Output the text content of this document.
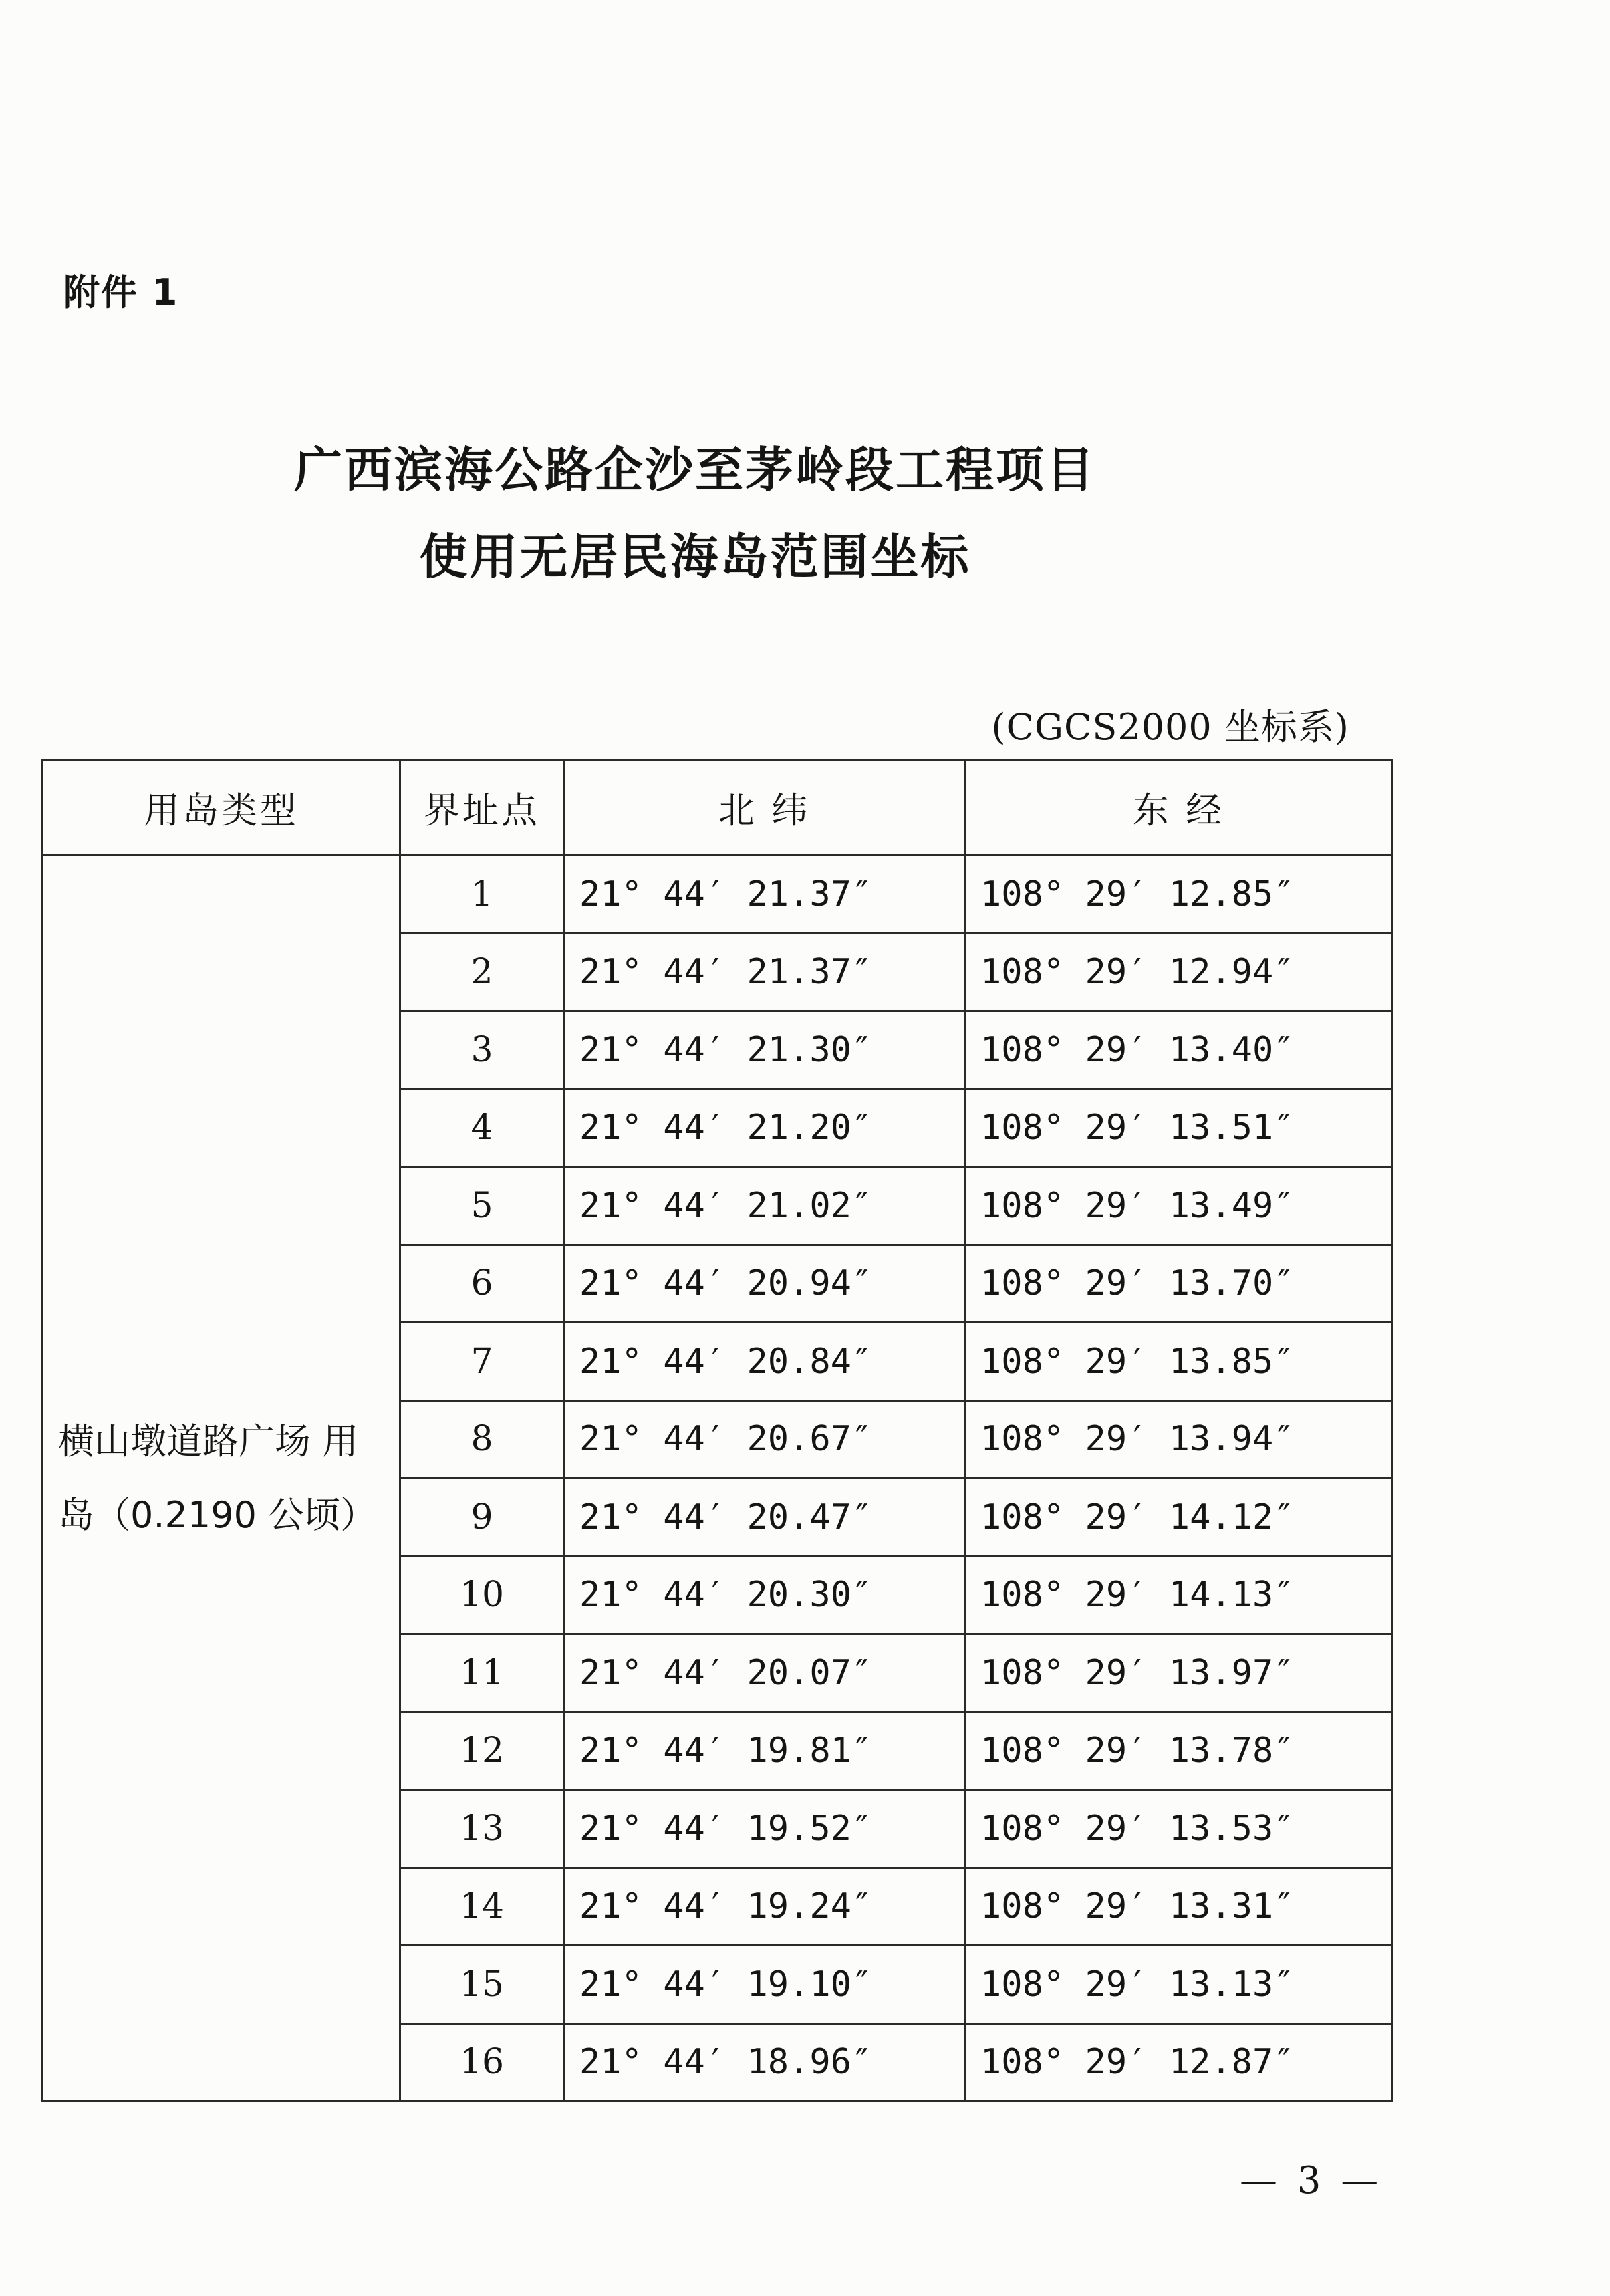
附件 1
广西滨海公路企沙至茅岭段工程项目
使用无居民海岛范围坐标
(CGCS2000 坐标系)
用岛类型	界址点	北 纬	东 经
横山墩道路广场 用岛（0.2190 公顷）	1	21° 44′ 21.37″	108° 29′ 12.85″
	2	21° 44′ 21.37″	108° 29′ 12.94″
	3	21° 44′ 21.30″	108° 29′ 13.40″
	4	21° 44′ 21.20″	108° 29′ 13.51″
	5	21° 44′ 21.02″	108° 29′ 13.49″
	6	21° 44′ 20.94″	108° 29′ 13.70″
	7	21° 44′ 20.84″	108° 29′ 13.85″
	8	21° 44′ 20.67″	108° 29′ 13.94″
	9	21° 44′ 20.47″	108° 29′ 14.12″
	10	21° 44′ 20.30″	108° 29′ 14.13″
	11	21° 44′ 20.07″	108° 29′ 13.97″
	12	21° 44′ 19.81″	108° 29′ 13.78″
	13	21° 44′ 19.52″	108° 29′ 13.53″
	14	21° 44′ 19.24″	108° 29′ 13.31″
	15	21° 44′ 19.10″	108° 29′ 13.13″
	16	21° 44′ 18.96″	108° 29′ 12.87″
— 3 —
